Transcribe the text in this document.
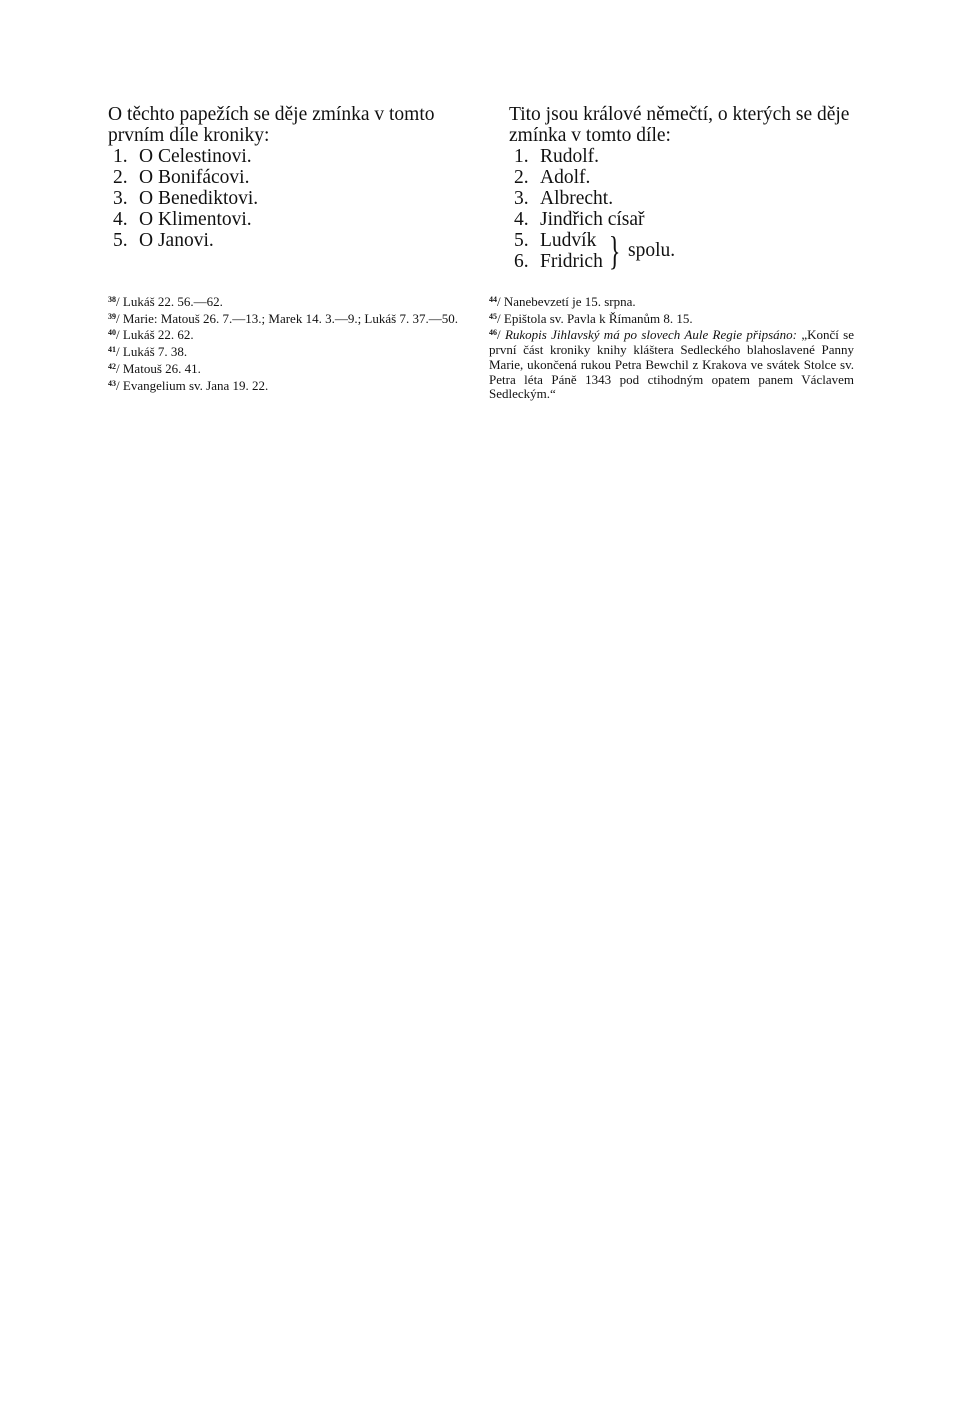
O těchto papežích se děje zmínka v tomto prvním díle kroniky:

1. O Celestinovi.
2. O Bonifácovi.
3. O Benediktovi.
4. O Klimentovi.
5. O Janovi.

Tito jsou králové němečtí, o kterých se děje zmínka v tomto díle:

1. Rudolf.
2. Adolf.
3. Albrecht.
4. Jindřich císař
5. Ludvík
6. Fridrich } spolu.

$^{38}$/ Lukáš 22. 56.—62.

$^{39}$/ Marie: Matouš 26. 7.—13.; Marek 14. 3.—9.; Lukáš 7. 37.—50.

$^{40}$/ Lukáš 22. 62.

$^{41}$/ Lukáš 7. 38.

$^{42}$/ Matouš 26. 41.

$^{43}$/ Evangelium sv. Jana 19. 22.

$^{44}$/ Nanebevzetí je 15. srpna.

$^{45}$/ Epištola sv. Pavla k Římanům 8. 15.

$^{46}$/ Rukopis Jihlavský má po slovech Aule Regie připsáno: „Končí se první část kroniky knihy kláštera Sedleckého blahoslavené Panny Marie, ukončená rukou Petra Bewchil z Krakova ve svátek Stolce sv. Petra léta Páně 1343 pod ctihodným opatem panem Václavem Sedleckým.“
